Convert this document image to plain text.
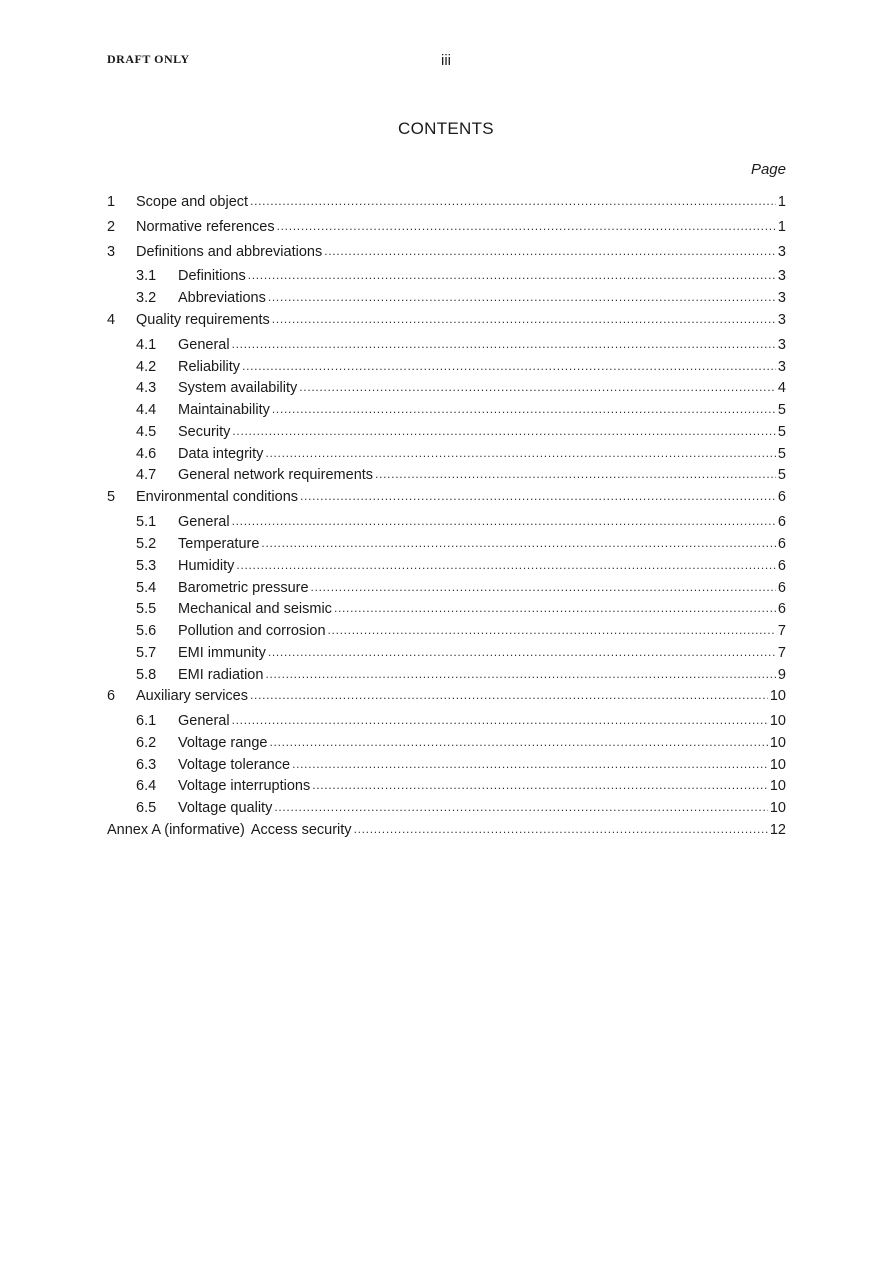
DRAFT ONLY	iii
CONTENTS
Page
1	Scope and object .....	1
2	Normative references .....	1
3	Definitions and abbreviations .....	3
3.1	Definitions .....	3
3.2	Abbreviations .....	3
4	Quality requirements .....	3
4.1	General .....	3
4.2	Reliability .....	3
4.3	System availability .....	4
4.4	Maintainability .....	5
4.5	Security .....	5
4.6	Data integrity .....	5
4.7	General network requirements .....	5
5	Environmental conditions .....	6
5.1	General .....	6
5.2	Temperature .....	6
5.3	Humidity .....	6
5.4	Barometric pressure .....	6
5.5	Mechanical and seismic .....	6
5.6	Pollution and corrosion .....	7
5.7	EMI immunity .....	7
5.8	EMI radiation .....	9
6	Auxiliary services .....	10
6.1	General .....	10
6.2	Voltage range .....	10
6.3	Voltage tolerance .....	10
6.4	Voltage interruptions .....	10
6.5	Voltage quality .....	10
Annex A (informative) Access security .....	12
